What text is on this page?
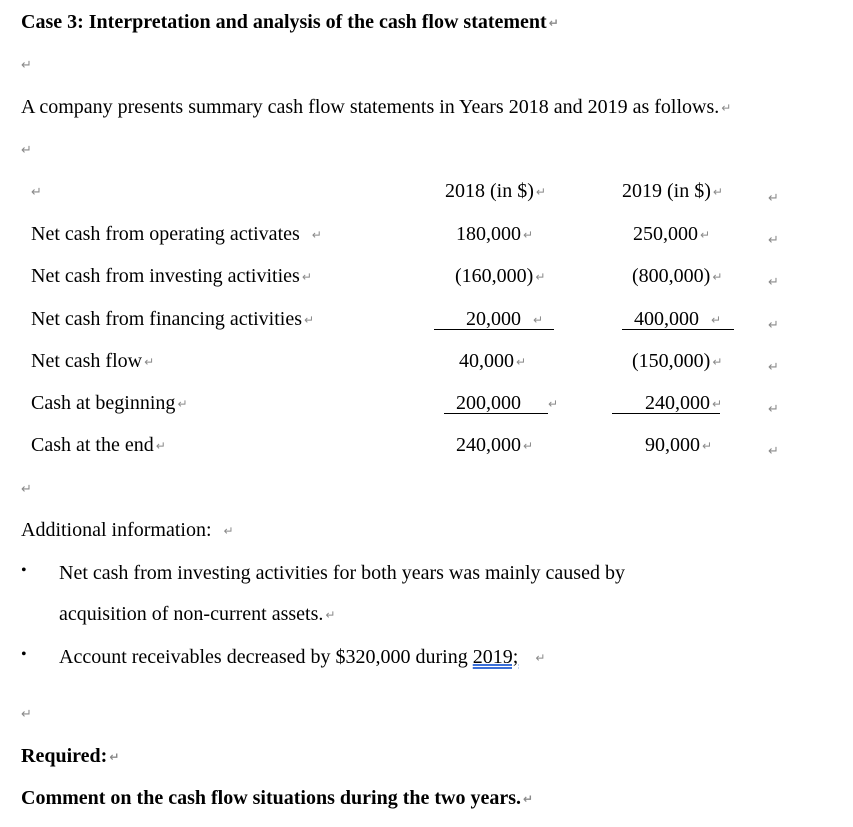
Case 3: Interpretation and analysis of the cash flow statement ↵
↵
A company presents summary cash flow statements in Years 2018 and 2019 as follows. ↵
↵
↵	2018 (in $) ↵	2019 (in $) ↵	↵
Net cash from operating activates ↵	180,000 ↵	250,000 ↵	↵
Net cash from investing activities ↵	(160,000) ↵	(800,000) ↵	↵
Net cash from financing activities ↵	20,000 ↵	400,000 ↵	↵
Net cash flow ↵	40,000 ↵	(150,000) ↵	↵
Cash at beginning ↵	200,000 ↵	240,000 ↵	↵
Cash at the end ↵	240,000 ↵	90,000 ↵	↵
↵
Additional information: ↵
• Net cash from investing activities for both years was mainly caused by
acquisition of non-current assets. ↵
• Account receivables decreased by $320,000 during 2019; ↵
↵
Required: ↵
Comment on the cash flow situations during the two years. ↵
